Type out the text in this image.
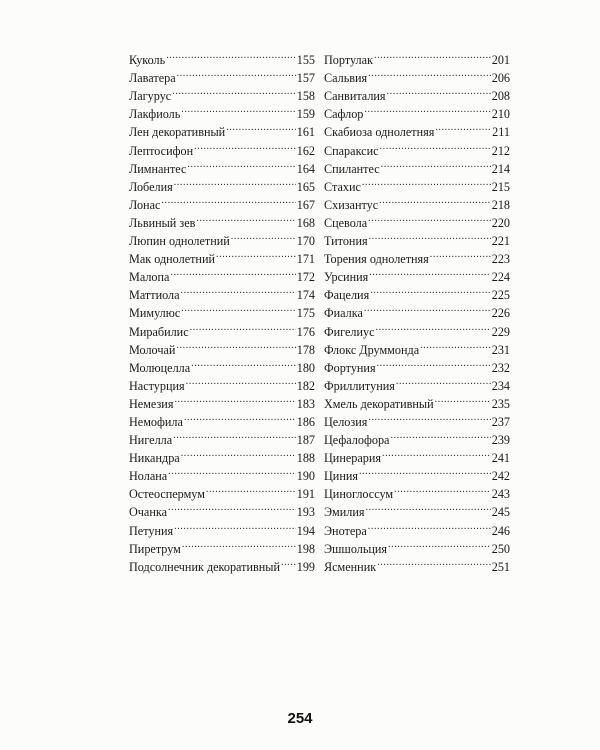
Куколь .....	155
Лаватера .....	157
Лагурус .....	158
Лакфиоль .....	159
Лен декоративный .....	161
Лептосифон .....	162
Лимнантес .....	164
Лобелия .....	165
Лонас .....	167
Львиный зев .....	168
Люпин однолетний .....	170
Мак однолетний .....	171
Малопа .....	172
Маттиола .....	174
Мимулюс .....	175
Мирабилис .....	176
Молочай .....	178
Молюцелла .....	180
Настурция .....	182
Немезия .....	183
Немофила .....	186
Нигелла .....	187
Никандра .....	188
Нолана .....	190
Остеоспермум .....	191
Очанка .....	193
Петуния .....	194
Пиретрум .....	198
Подсолнечник декоративный ..... 199
Портулак .....	201
Сальвия .....	206
Санвиталия .....	208
Сафлор .....	210
Скабиоза однолетняя .....	211
Спараксис .....	212
Спилантес .....	214
Стахис .....	215
Схизантус .....	218
Сцевола .....	220
Титония .....	221
Торения однолетняя .....	223
Урсиния .....	224
Фацелия .....	225
Фиалка .....	226
Фигелиус .....	229
Флокс Друммонда .....	231
Фортуния .....	232
Фриллитуния .....	234
Хмель декоративный .....	235
Целозия .....	237
Цефалофора .....	239
Цинерария .....	241
Циния .....	242
Циноглоссум .....	243
Эмилия .....	245
Энотера .....	246
Эшшольция .....	250
Ясменник .....	251
254
